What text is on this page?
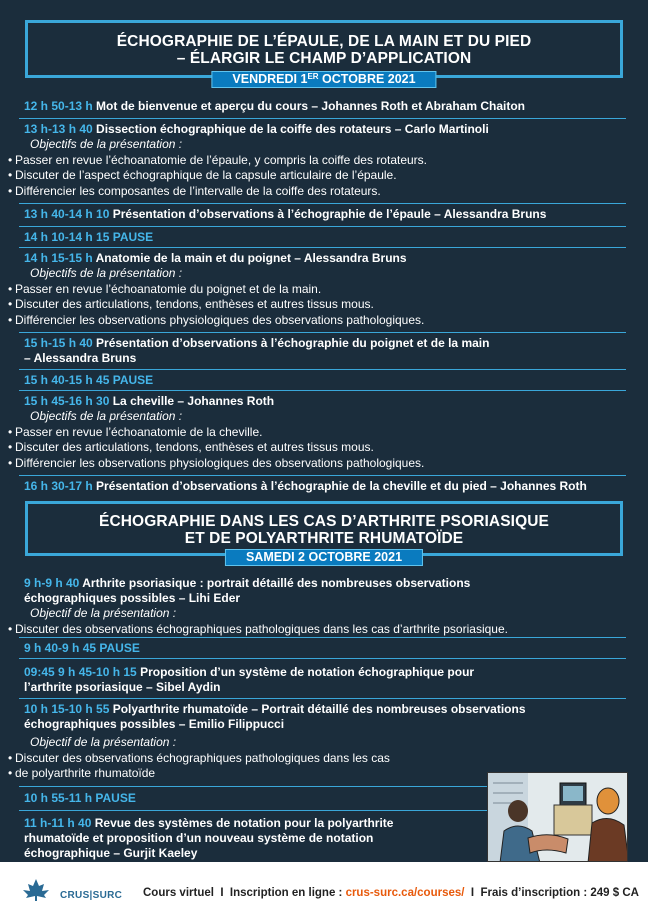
ÉCHOGRAPHIE DE L’ÉPAULE, DE LA MAIN ET DU PIED
– ÉLARGIR LE CHAMP D’APPLICATION
VENDREDI 1ER OCTOBRE 2021
12 h 50-13 h Mot de bienvenue et aperçu du cours – Johannes Roth et Abraham Chaiton
13 h-13 h 40 Dissection échographique de la coiffe des rotateurs – Carlo Martinoli
Objectifs de la présentation :
• Passer en revue l’échoanatomie de l’épaule, y compris la coiffe des rotateurs.
• Discuter de l’aspect échographique de la capsule articulaire de l’épaule.
• Différencier les composantes de l’intervalle de la coiffe des rotateurs.
13 h 40-14 h 10 Présentation d’observations à l’échographie de l’épaule – Alessandra Bruns
14 h 10-14 h 15 PAUSE
14 h 15-15 h Anatomie de la main et du poignet – Alessandra Bruns
Objectifs de la présentation :
• Passer en revue l’échoanatomie du poignet et de la main.
• Discuter des articulations, tendons, enthèses et autres tissus mous.
• Différencier les observations physiologiques des observations pathologiques.
15 h-15 h 40 Présentation d’observations à l’échographie du poignet et de la main
– Alessandra Bruns
15 h 40-15 h 45 PAUSE
15 h 45-16 h 30 La cheville – Johannes Roth
Objectifs de la présentation :
• Passer en revue l’échoanatomie de la cheville.
• Discuter des articulations, tendons, enthèses et autres tissus mous.
• Différencier les observations physiologiques des observations pathologiques.
16 h 30-17 h Présentation d’observations à l’échographie de la cheville et du pied – Johannes Roth
ÉCHOGRAPHIE DANS LES CAS D’ARTHRITE PSORIASIQUE
ET DE POLYARTHRITE RHUMATOÏDE
SAMEDI 2 OCTOBRE 2021
9 h-9 h 40 Arthrite psoriasique : portrait détaillé des nombreuses observations
échographiques possibles – Lihi Eder
Objectif de la présentation :
• Discuter des observations échographiques pathologiques dans les cas d’arthrite psoriasique.
9 h 40-9 h 45 PAUSE
09:45 9 h 45-10 h 15 Proposition d’un système de notation échographique pour
l’arthrite psoriasique – Sibel Aydin
10 h 15-10 h 55 Polyarthrite rhumatoïde – Portrait détaillé des nombreuses observations
échographiques possibles – Emilio Filippucci
Objectif de la présentation :
• Discuter des observations échographiques pathologiques dans les cas
• de polyarthrite rhumatoïde
10 h 55-11 h PAUSE
11 h-11 h 40 Revue des systèmes de notation pour la polyarthrite
rhumatoïde et proposition d’un nouveau système de notation
échographique – Gurjit Kaeley
CRUS|SURC Cours virtuel  I  Inscription en ligne : crus-surc.ca/courses/  I  Frais d’inscription : 249 $ CA
